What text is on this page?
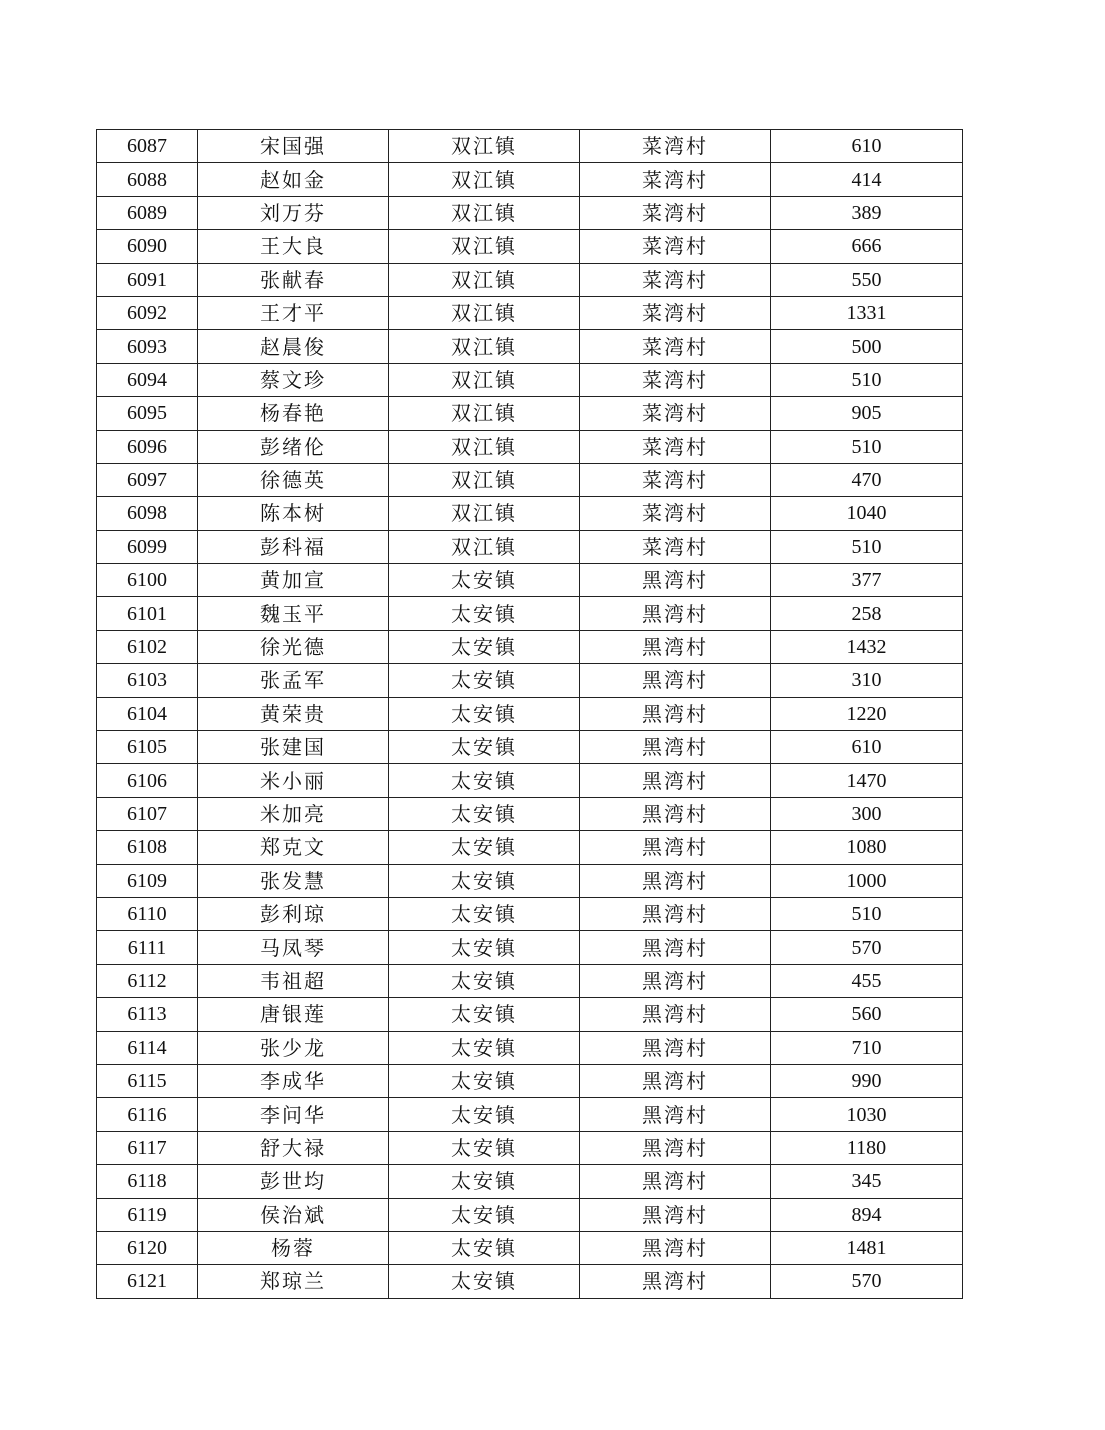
6087	宋国强	双江镇	菜湾村	610
6088	赵如金	双江镇	菜湾村	414
6089	刘万芬	双江镇	菜湾村	389
6090	王大良	双江镇	菜湾村	666
6091	张献春	双江镇	菜湾村	550
6092	王才平	双江镇	菜湾村	1331
6093	赵晨俊	双江镇	菜湾村	500
6094	蔡文珍	双江镇	菜湾村	510
6095	杨春艳	双江镇	菜湾村	905
6096	彭绪伦	双江镇	菜湾村	510
6097	徐德英	双江镇	菜湾村	470
6098	陈本树	双江镇	菜湾村	1040
6099	彭科福	双江镇	菜湾村	510
6100	黄加宣	太安镇	黑湾村	377
6101	魏玉平	太安镇	黑湾村	258
6102	徐光德	太安镇	黑湾村	1432
6103	张孟军	太安镇	黑湾村	310
6104	黄荣贵	太安镇	黑湾村	1220
6105	张建国	太安镇	黑湾村	610
6106	米小丽	太安镇	黑湾村	1470
6107	米加亮	太安镇	黑湾村	300
6108	郑克文	太安镇	黑湾村	1080
6109	张发慧	太安镇	黑湾村	1000
6110	彭利琼	太安镇	黑湾村	510
6111	马凤琴	太安镇	黑湾村	570
6112	韦祖超	太安镇	黑湾村	455
6113	唐银莲	太安镇	黑湾村	560
6114	张少龙	太安镇	黑湾村	710
6115	李成华	太安镇	黑湾村	990
6116	李问华	太安镇	黑湾村	1030
6117	舒大禄	太安镇	黑湾村	1180
6118	彭世均	太安镇	黑湾村	345
6119	侯治斌	太安镇	黑湾村	894
6120	杨蓉	太安镇	黑湾村	1481
6121	郑琼兰	太安镇	黑湾村	570
